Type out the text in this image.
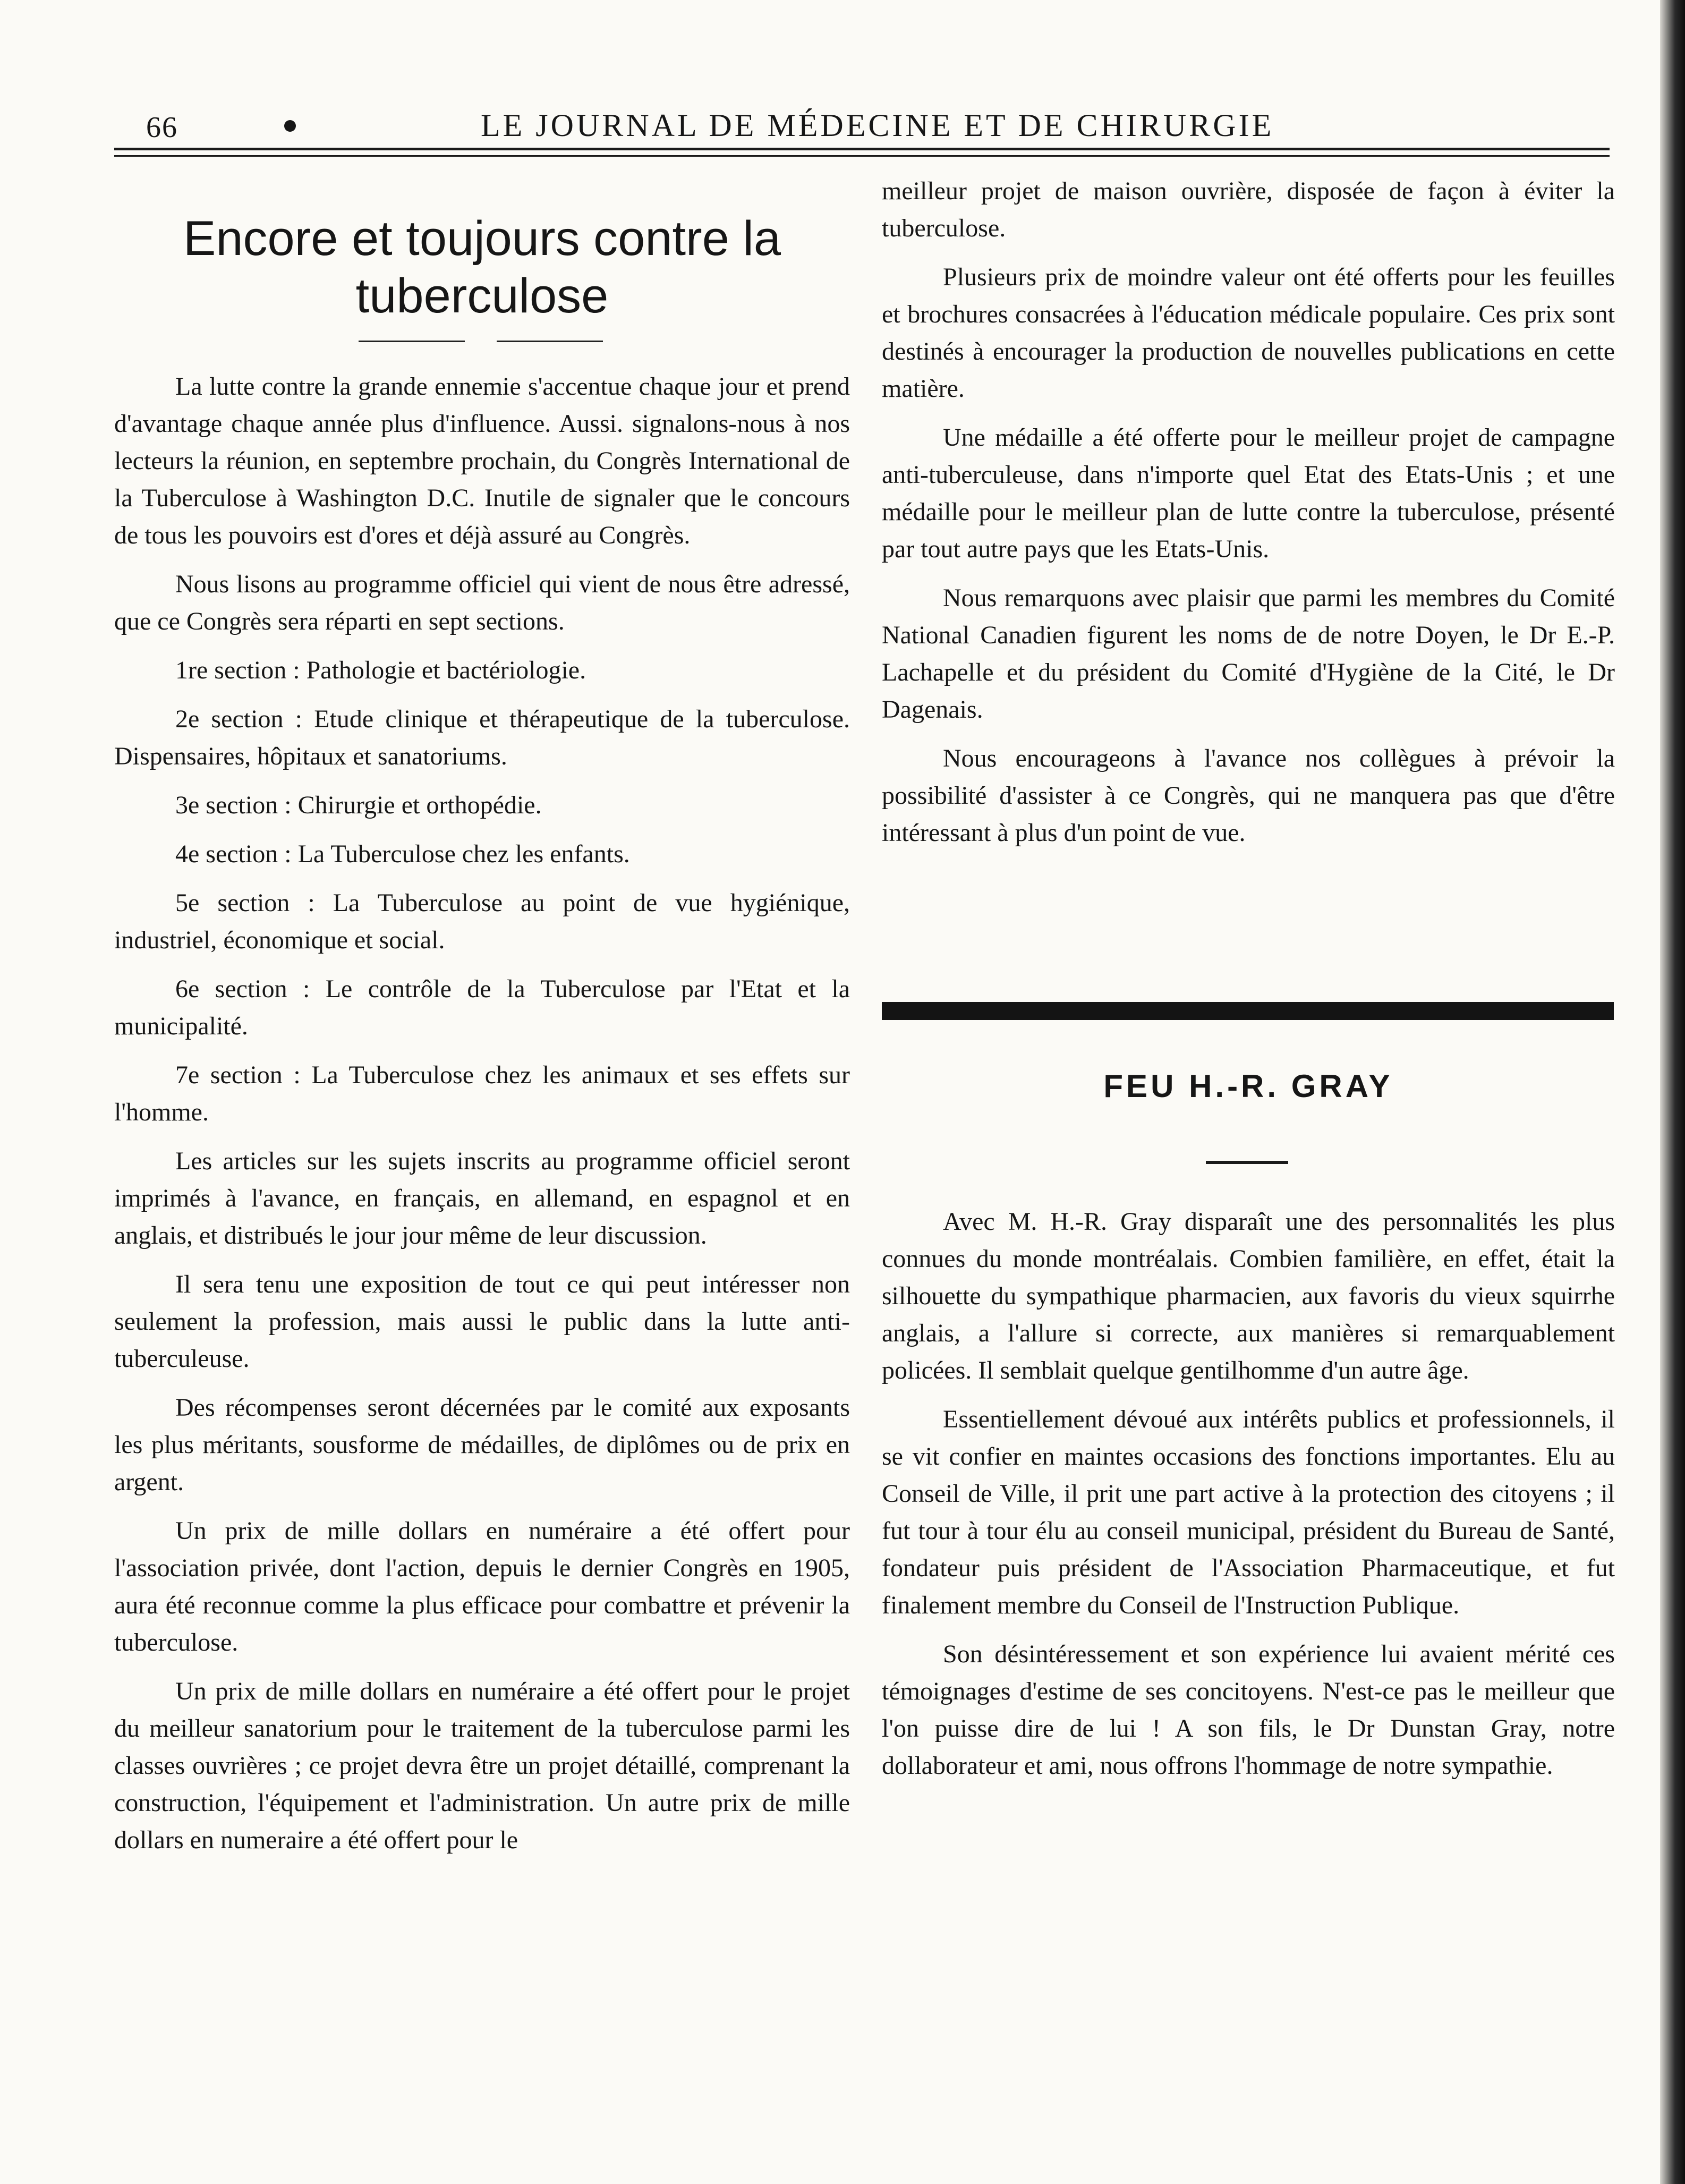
66	LE JOURNAL DE MÉDECINE ET DE CHIRURGIE
Encore et toujours contre la tuberculose

La lutte contre la grande ennemie s'accentue chaque jour et prend d'avantage chaque année plus d'influence. Aussi. signalons-nous à nos lecteurs la réunion, en septembre prochain, du Congrès International de la Tuberculose à Washington D.C. Inutile de signaler que le concours de tous les pouvoirs est d'ores et déjà assuré au Congrès.

Nous lisons au programme officiel qui vient de nous être adressé, que ce Congrès sera réparti en sept sections.

1re section : Pathologie et bactériologie.

2e section : Etude clinique et thérapeutique de la tuberculose. Dispensaires, hôpitaux et sanatoriums.

3e section : Chirurgie et orthopédie.

4e section : La Tuberculose chez les enfants.

5e section : La Tuberculose au point de vue hygiénique, industriel, économique et social.

6e section : Le contrôle de la Tuberculose par l'Etat et la municipalité.

7e section : La Tuberculose chez les animaux et ses effets sur l'homme.

Les articles sur les sujets inscrits au programme officiel seront imprimés à l'avance, en français, en allemand, en espagnol et en anglais, et distribués le jour jour même de leur discussion.

Il sera tenu une exposition de tout ce qui peut intéresser non seulement la profession, mais aussi le public dans la lutte anti-tuberculeuse.

Des récompenses seront décernées par le comité aux exposants les plus méritants, sousforme de médailles, de diplômes ou de prix en argent.

Un prix de mille dollars en numéraire a été offert pour l'association privée, dont l'action, depuis le dernier Congrès en 1905, aura été reconnue comme la plus efficace pour combattre et prévenir la tuberculose.

Un prix de mille dollars en numéraire a été offert pour le projet du meilleur sanatorium pour le traitement de la tuberculose parmi les classes ouvrières ; ce projet devra être un projet détaillé, comprenant la construction, l'équipement et l'administration. Un autre prix de mille dollars en numeraire a été offert pour le

meilleur projet de maison ouvrière, disposée de façon à éviter la tuberculose.

Plusieurs prix de moindre valeur ont été offerts pour les feuilles et brochures consacrées à l'éducation médicale populaire. Ces prix sont destinés à encourager la production de nouvelles publications en cette matière.

Une médaille a été offerte pour le meilleur projet de campagne anti-tuberculeuse, dans n'importe quel Etat des Etats-Unis ; et une médaille pour le meilleur plan de lutte contre la tuberculose, présenté par tout autre pays que les Etats-Unis.

Nous remarquons avec plaisir que parmi les membres du Comité National Canadien figurent les noms de de notre Doyen, le Dr E.-P. Lachapelle et du président du Comité d'Hygiène de la Cité, le Dr Dagenais.

Nous encourageons à l'avance nos collègues à prévoir la possibilité d'assister à ce Congrès, qui ne manquera pas que d'être intéressant à plus d'un point de vue.

FEU H.-R. GRAY

Avec M. H.-R. Gray disparaît une des personnalités les plus connues du monde montréalais. Combien familière, en effet, était la silhouette du sympathique pharmacien, aux favoris du vieux squirrhe anglais, a l'allure si correcte, aux manières si remarquablement policées. Il semblait quelque gentilhomme d'un autre âge.

Essentiellement dévoué aux intérêts publics et professionnels, il se vit confier en maintes occasions des fonctions importantes. Elu au Conseil de Ville, il prit une part active à la protection des citoyens ; il fut tour à tour élu au conseil municipal, président du Bureau de Santé, fondateur puis président de l'Association Pharmaceutique, et fut finalement membre du Conseil de l'Instruction Publique.

Son désintéressement et son expérience lui avaient mérité ces témoignages d'estime de ses concitoyens. N'est-ce pas le meilleur que l'on puisse dire de lui ! A son fils, le Dr Dunstan Gray, notre dollaborateur et ami, nous offrons l'hommage de notre sympathie.
